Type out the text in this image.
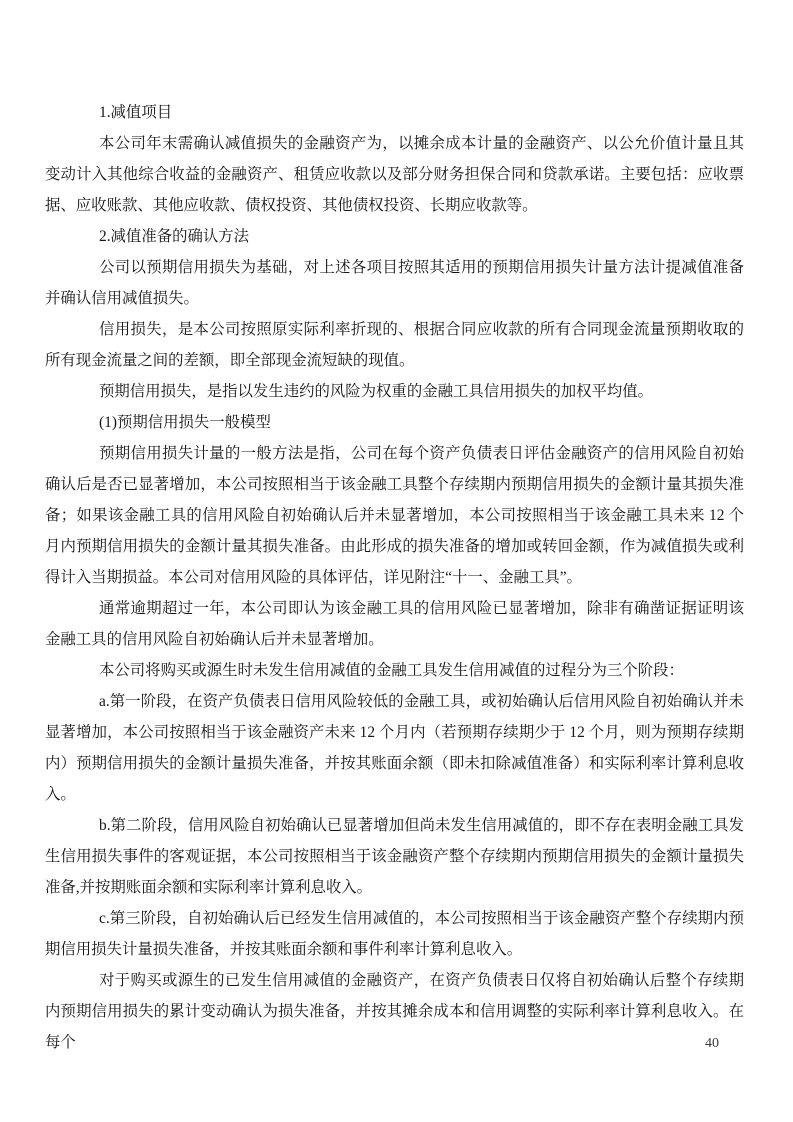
1.减值项目

本公司年末需确认减值损失的金融资产为，以摊余成本计量的金融资产、以公允价值计量且其变动计入其他综合收益的金融资产、租赁应收款以及部分财务担保合同和贷款承诺。主要包括：应收票据、应收账款、其他应收款、债权投资、其他债权投资、长期应收款等。

2.减值准备的确认方法

公司以预期信用损失为基础，对上述各项目按照其适用的预期信用损失计量方法计提减值准备并确认信用减值损失。

信用损失，是本公司按照原实际利率折现的、根据合同应收款的所有合同现金流量预期收取的所有现金流量之间的差额，即全部现金流短缺的现值。

预期信用损失，是指以发生违约的风险为权重的金融工具信用损失的加权平均值。

(1)预期信用损失一般模型

预期信用损失计量的一般方法是指，公司在每个资产负债表日评估金融资产的信用风险自初始确认后是否已显著增加，本公司按照相当于该金融工具整个存续期内预期信用损失的金额计量其损失准备；如果该金融工具的信用风险自初始确认后并未显著增加，本公司按照相当于该金融工具未来 12 个月内预期信用损失的金额计量其损失准备。由此形成的损失准备的增加或转回金额，作为减值损失或利得计入当期损益。本公司对信用风险的具体评估，详见附注“十一、金融工具”。

通常逾期超过一年，本公司即认为该金融工具的信用风险已显著增加，除非有确凿证据证明该金融工具的信用风险自初始确认后并未显著增加。

本公司将购买或源生时未发生信用减值的金融工具发生信用减值的过程分为三个阶段：

a.第一阶段，在资产负债表日信用风险较低的金融工具，或初始确认后信用风险自初始确认并未显著增加，本公司按照相当于该金融资产未来 12 个月内（若预期存续期少于 12 个月，则为预期存续期内）预期信用损失的金额计量损失准备，并按其账面余额（即未扣除减值准备）和实际利率计算利息收入。

b.第二阶段，信用风险自初始确认已显著增加但尚未发生信用减值的，即不存在表明金融工具发生信用损失事件的客观证据，本公司按照相当于该金融资产整个存续期内预期信用损失的金额计量损失准备,并按期账面余额和实际利率计算利息收入。

c.第三阶段，自初始确认后已经发生信用减值的，本公司按照相当于该金融资产整个存续期内预期信用损失计量损失准备，并按其账面余额和事件利率计算利息收入。

对于购买或源生的已发生信用减值的金融资产，在资产负债表日仅将自初始确认后整个存续期内预期信用损失的累计变动确认为损失准备，并按其摊余成本和信用调整的实际利率计算利息收入。在每个	40
